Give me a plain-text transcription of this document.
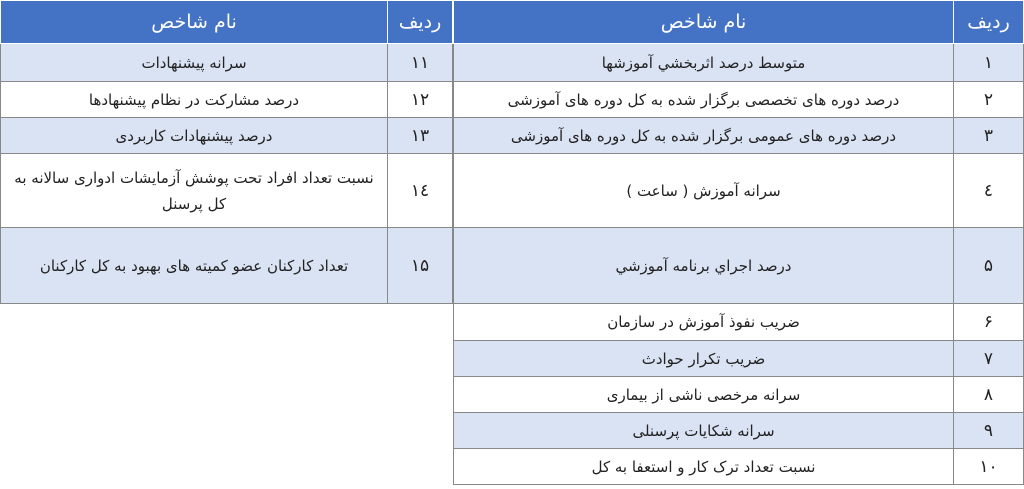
ردیف	نام شاخص
۱	متوسط درصد اثربخشي آموزشها
۲	درصد دوره های تخصصی برگزار شده به کل دوره های آموزشی
۳	درصد دوره های عمومی برگزار شده به کل دوره های آموزشی
٤	سرانه آموزش ( ساعت )
۵	درصد اجراي برنامه آموزشي
۶	ضریب نفوذ آموزش در سازمان
۷	ضریب تکرار حوادث
۸	سرانه مرخصی ناشی از بیماری
۹	سرانه شکایات پرسنلی
۱۰	نسبت تعداد ترک کار و استعفا به کل
ردیف	نام شاخص
۱۱	سرانه پیشنهادات
۱۲	درصد مشارکت در نظام پیشنهادها
۱۳	درصد پیشنهادات کاربردی
۱٤	نسبت تعداد افراد تحت پوشش آزمایشات ادواری سالانه به کل پرسنل
۱۵	تعداد کارکنان عضو کمیته های بهبود به کل کارکنان
